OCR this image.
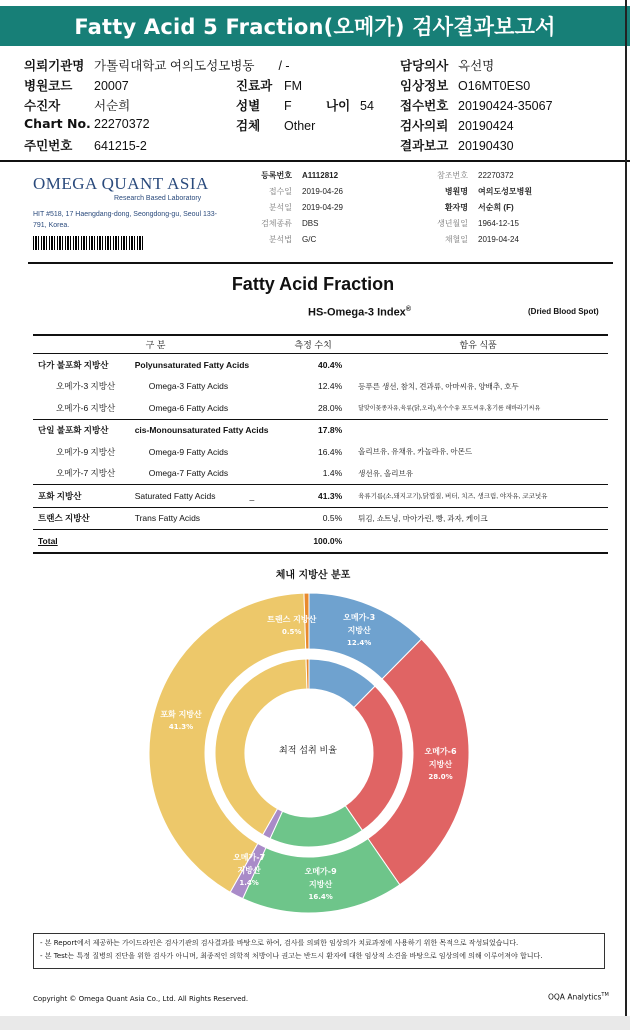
Fatty Acid 5 Fraction(오메가) 검사결과보고서
의뢰기관명 가톨릭대학교 여의도성모병동 / -	담당의사 옥선명
병원코드 20007	진료과 FM	임상정보 O16MT0ES0
수진자	서순희	성별 F	나이 54 접수번호 20190424-35067
Chart No. 22270372	검체 Other	검사의뢰 20190424
주민번호 641215-2	결과보고 20190430
OMEGA QUANT ASIA
Research Based Laboratory
HIT #518, 17 Haengdang-dong, Seongdong-gu, Seoul 133-791, Korea.
등록번호 A1112812
접수일 2019-04-26
분석일 2019-04-29
검체종류 DBS
분석법 G/C
참조번호 22270372
병원명 여의도성모병원
환자명 서순희 (F)
생년월일 1964-12-15
채혈일 2019-04-24
Fatty Acid Fraction
HS-Omega-3 Index®	(Dried Blood Spot)
구 분		측정 수치	함유 식품
다가 불포화 지방산	Polyunsaturated Fatty Acids	40.4%	
오메가-3 지방산	Omega-3 Fatty Acids	12.4%	등푸른 생선, 참치, 견과류, 아마씨유, 양배추, 호두
오메가-6 지방산	Omega-6 Fatty Acids	28.0%	달맞이꽃종자유,육류(닭,오리),옥수수유 포도씨유,홍기름 해바라기씨유
단일 불포화 지방산	cis-Monounsaturated Fatty Acids	17.8%	
오메가-9 지방산	Omega-9 Fatty Acids	16.4%	올리브유, 유채유, 카놀라유, 아몬드
오메가-7 지방산	Omega-7 Fatty Acids	1.4%	생선유, 올리브유
포화 지방산	Saturated Fatty Acids _	41.3%	육류기름(소,돼지고기),닭껍질, 버터, 치즈, 생크림, 야자유, 코코넛유
트랜스 지방산	Trans Fatty Acids	0.5%	튀김, 쇼트닝, 마아가린, 빵, 과자, 케이크
Total		100.0%	
체내 지방산 분포
오메가-3
지방산
12.4%
오메가-6
지방산
28.0%
오메가-9
지방산
16.4%
오메가-7
지방산
1.4%
포화 지방산
41.3%
트랜스 지방산
0.5%
최적 섭취 비율
- 본 Report에서 제공하는 가이드라인은 검사기관의 검사결과를 바탕으로 하여, 검사를 의뢰한 임상의가 치료과정에 사용하기 위한 목적으로 작성되었습니다.
- 본 Test는 특정 질병의 진단을 위한 검사가 아니며, 최종적인 의학적 처방이나 권고는 반드시 환자에 대한 임상적 소견을 바탕으로 임상의에 의해 이루어져야 합니다.
Copyright © Omega Quant Asia Co., Ltd. All Rights Reserved.	OQA Analytics™
